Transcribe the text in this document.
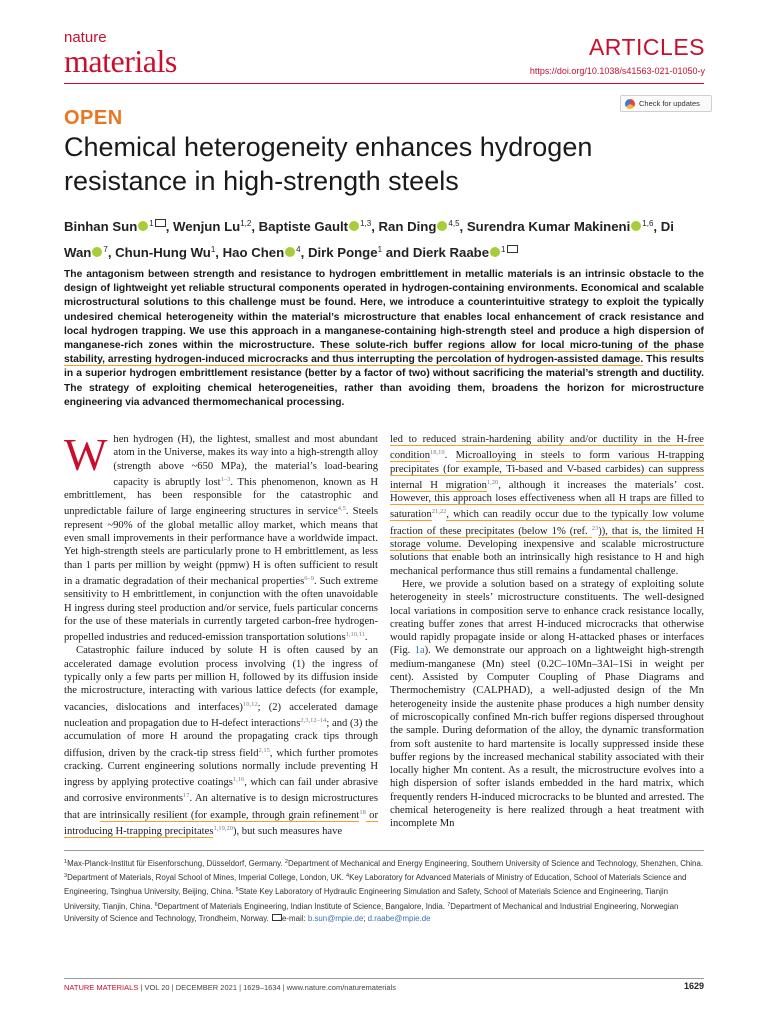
nature
materials	ARTICLES
https://doi.org/10.1038/s41563-021-01050-y
Check for updates
OPEN
Chemical heterogeneity enhances hydrogen resistance in high-strength steels
Binhan Sun $^1$ , Wenjun Lu$^{1,2}$, Baptiste Gault $^{1,3}$, Ran Ding $^{4,5}$, Surendra Kumar Makineni $^{1,6}$, Di Wan $^7$, Chun-Hung Wu$^1$, Hao Chen $^4$, Dirk Ponge$^1$ and Dierk Raabe $^1$
The antagonism between strength and resistance to hydrogen embrittlement in metallic materials is an intrinsic obstacle to the design of lightweight yet reliable structural components operated in hydrogen-containing environments. Economical and scalable microstructural solutions to this challenge must be found. Here, we introduce a counterintuitive strategy to exploit the typically undesired chemical heterogeneity within the material’s microstructure that enables local enhancement of crack resistance and local hydrogen trapping. We use this approach in a manganese-containing high-strength steel and produce a high dispersion of manganese-rich zones within the microstructure. These solute-rich buffer regions allow for local micro-tuning of the phase stability, arresting hydrogen-induced microcracks and thus interrupting the percolation of hydrogen-assisted damage. This results in a superior hydrogen embrittlement resistance (better by a factor of two) without sacrificing the material’s strength and ductility. The strategy of exploiting chemical heterogeneities, rather than avoiding them, broadens the horizon for microstructure engineering via advanced thermomechanical processing.

When hydrogen (H), the lightest, smallest and most abundant atom in the Universe, makes its way into a high-strength alloy (strength above ~650 MPa), the material’s load-bearing capacity is abruptly lost$^{1-3}$. This phenomenon, known as H embrittlement, has been responsible for the catastrophic and unpredictable failure of large engineering structures in service$^{4,5}$. Steels represent ~90% of the global metallic alloy market, which means that even small improvements in their performance have a worldwide impact. Yet high-strength steels are particularly prone to H embrittlement, as less than 1 parts per million by weight (ppmw) H is often sufficient to result in a dramatic degradation of their mechanical properties$^{6-9}$. Such extreme sensitivity to H embrittlement, in conjunction with the often unavoidable H ingress during steel production and/or service, fuels particular concerns for the use of these materials in currently targeted carbon-free hydrogen-propelled industries and reduced-emission transportation solutions$^{1,10,11}$.

Catastrophic failure induced by solute H is often caused by an accelerated damage evolution process involving (1) the ingress of typically only a few parts per million H, followed by its diffusion inside the microstructure, interacting with various lattice defects (for example, vacancies, dislocations and interfaces)$^{10,12}$; (2) accelerated damage nucleation and propagation due to H-defect interactions$^{2,3,12-14}$; and (3) the accumulation of more H around the propagating crack tips through diffusion, driven by the crack-tip stress field$^{2,15}$, which further promotes cracking. Current engineering solutions normally include preventing H ingress by applying protective coatings$^{1,16}$, which can fail under abrasive and corrosive environments$^{17}$. An alternative is to design microstructures that are intrinsically resilient (for example, through grain refinement$^{18}$ or introducing H-trapping precipitates$^{1,19,20}$), but such measures have

led to reduced strain-hardening ability and/or ductility in the H-free condition$^{18,19}$. Microalloying in steels to form various H-trapping precipitates (for example, Ti-based and V-based carbides) can suppress internal H migration$^{1,20}$, although it increases the materials’ cost. However, this approach loses effectiveness when all H traps are filled to saturation$^{21,22}$, which can readily occur due to the typically low volume fraction of these precipitates (below 1% (ref. $^{23}$)), that is, the limited H storage volume. Developing inexpensive and scalable microstructure solutions that enable both an intrinsically high resistance to H and high mechanical performance thus still remains a fundamental challenge.

Here, we provide a solution based on a strategy of exploiting solute heterogeneity in steels’ microstructure constituents. The well-designed local variations in composition serve to enhance crack resistance locally, creating buffer zones that arrest H-induced microcracks that otherwise would rapidly propagate inside or along H-attacked phases or interfaces (Fig. 1a). We demonstrate our approach on a lightweight high-strength medium-manganese (Mn) steel (0.2C–10Mn–3Al–1Si in weight per cent). Assisted by Computer Coupling of Phase Diagrams and Thermochemistry (CALPHAD), a well-adjusted design of the Mn heterogeneity inside the austenite phase produces a high number density of microscopically confined Mn-rich buffer regions dispersed throughout the sample. During deformation of the alloy, the dynamic transformation from soft austenite to hard martensite is locally suppressed inside these buffer regions by the increased mechanical stability associated with their locally higher Mn content. As a result, the microstructure evolves into a high dispersion of softer islands embedded in the hard matrix, which frequently renders H-induced microcracks to be blunted and arrested. The chemical heterogeneity is here realized through a heat treatment with incomplete Mn

$^1$Max-Planck-Institut für Eisenforschung, Düsseldorf, Germany. $^2$Department of Mechanical and Energy Engineering, Southern University of Science and Technology, Shenzhen, China. $^3$Department of Materials, Royal School of Mines, Imperial College, London, UK. $^4$Key Laboratory for Advanced Materials of Ministry of Education, School of Materials Science and Engineering, Tsinghua University, Beijing, China. $^5$State Key Laboratory of Hydraulic Engineering Simulation and Safety, School of Materials Science and Engineering, Tianjin University, Tianjin, China. $^6$Department of Materials Engineering, Indian Institute of Science, Bangalore, India. $^7$Department of Mechanical and Industrial Engineering, Norwegian University of Science and Technology, Trondheim, Norway. e-mail: b.sun@mpie.de; d.raabe@mpie.de
NATURE MATERIALS | VOL 20 | DECEMBER 2021 | 1629–1634 | www.nature.com/naturematerials	1629
